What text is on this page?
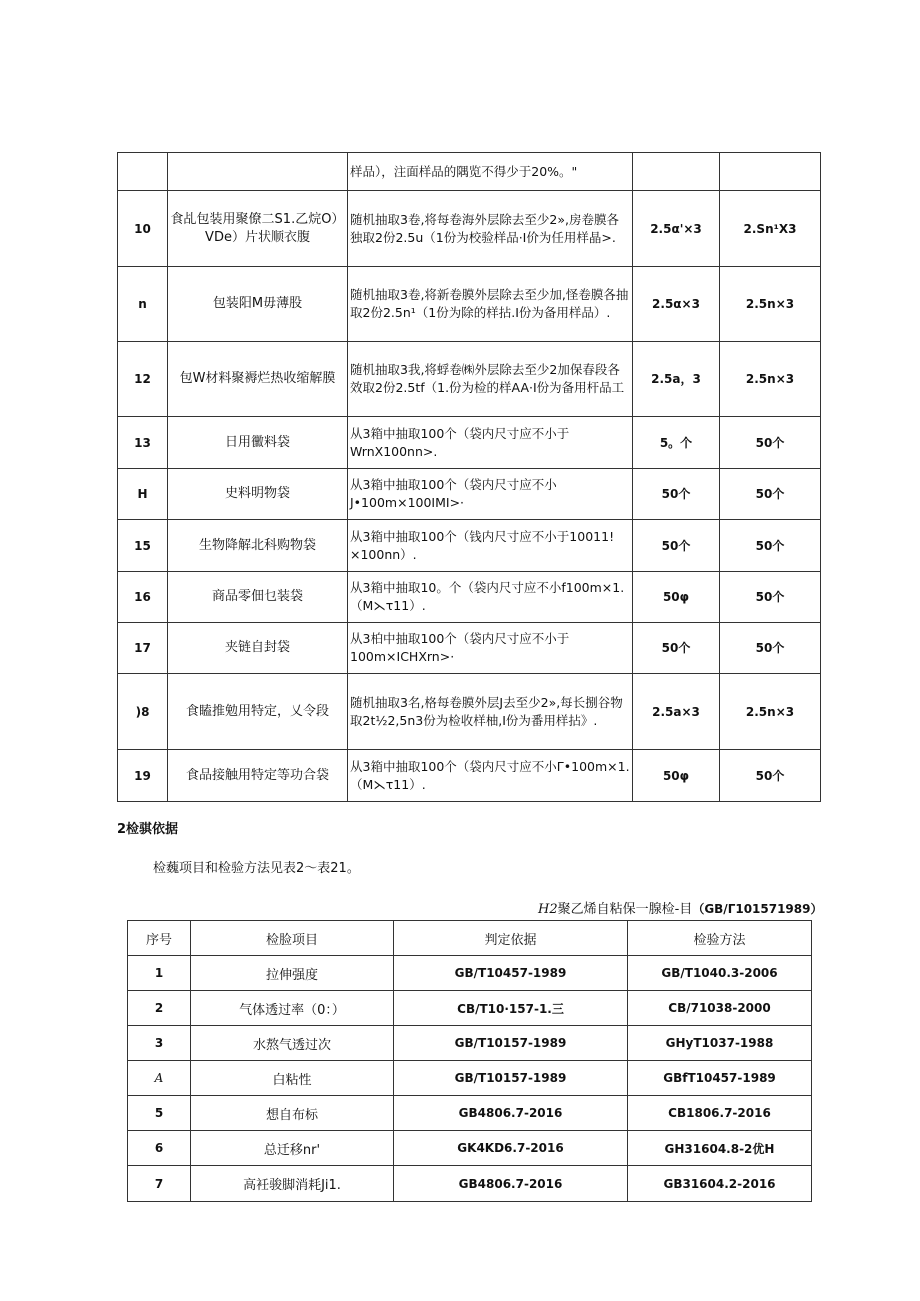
		样品），注面样品的隅览不得少于20%。"		
10	食乩包装用聚僚二S1.乙烷O）VDe）片状顺衣腹	随机抽取3卷,将每卷海外层除去至少2»,房卷膜各独取2份2.5u（1份为校验样品·I价为任用样晶>.	2.5α'×3	2.Sn¹X3
n	包装阳M毋薄股	随机抽取3卷,将新卷膜外层除去至少加,怪卷膜各抽取2份2.5n¹（1份为除的样拈.I份为备用样品）.	2.5α×3	2.5n×3
12	包W材料聚褥烂热收缩解膜	随机抽取3我,将蜉卷㈱外层除去至少2加保春段各效取2份2.5tf（1.份为检的样AA·I份为备用杆品工	2.5a，3	2.5n×3
13	日用黴料袋	从3箱中抽取100个（袋内尺寸应不小于WrnX100nn>.	5。个	50个
H	史料明物袋	从3箱中抽取100个（袋内尺寸应不小J•100m×100IMI>·	50个	50个
15	生物降解北科购物袋	从3箱中抽取100个（钱内尺寸应不小于10011!×100nn）.	50个	50个
16	商品零佃乜装袋	从3箱中抽取10。个（袋内尺寸应不小f100m×1.（M⋋τ11）.	50φ	50个
17	夹链自封袋	从3柏中抽取100个（袋内尺寸应不小于100m×ICHXrn>·	50个	50个
)8	食瞌推勉用特定，乂令段	随机抽取3名,格每卷膜外层J去至少2»,每长捌谷物取2t½2,5n3份为检收样柚,I份为番用样拈》.	2.5a×3	2.5n×3
19	食品接触用特定等功合袋	从3箱中抽取100个（袋内尺寸应不小Γ•100m×1.（M⋋τ11）.	50φ	50个
2检骐依据
检蘶项目和检验方法见表2〜表21。
H2聚乙烯自粘保一腺检-目（GB/Γ101571989）
序号	检脸项目	判定依据	检验方法
1	拉伸强度	GB/T10457-1989	GB/T1040.3-2006
2	气体透过率（0：）	CB/T10·157-1.三	CB/71038-2000
3	水熬气透过次	GB/T10157-1989	GHyT1037-1988
A	白粘性	GB/T10157-1989	GBfT10457-1989
5	想自布标	GB4806.7-2016	CB1806.7-2016
6	总迁移nr'	GK4KD6.7-2016	GH31604.8-2优H
7	高衽骏脚消耗Ji1.	GB4806.7-2016	GB31604.2-2016
